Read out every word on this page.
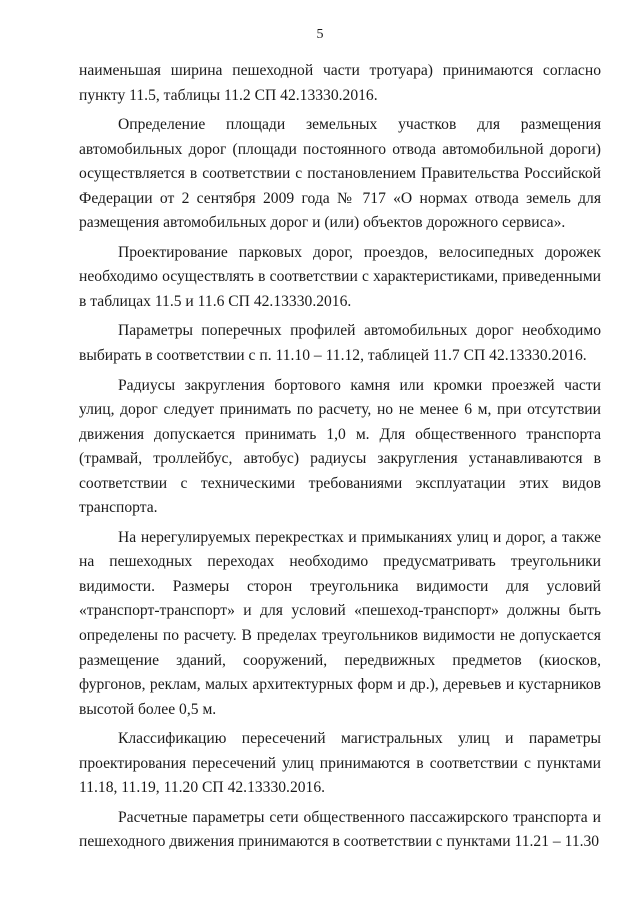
5

наименьшая ширина пешеходной части тротуара) принимаются согласно пункту 11.5, таблицы 11.2 СП 42.13330.2016.

Определение площади земельных участков для размещения автомобильных дорог (площади постоянного отвода автомобильной дороги) осуществляется в соответствии с постановлением Правительства Российской Федерации от 2 сентября 2009 года № 717 «О нормах отвода земель для размещения автомобильных дорог и (или) объектов дорожного сервиса».

Проектирование парковых дорог, проездов, велосипедных дорожек необходимо осуществлять в соответствии с характеристиками, приведенными в таблицах 11.5 и 11.6 СП 42.13330.2016.

Параметры поперечных профилей автомобильных дорог необходимо выбирать в соответствии с п. 11.10 – 11.12, таблицей 11.7 СП 42.13330.2016.

Радиусы закругления бортового камня или кромки проезжей части улиц, дорог следует принимать по расчету, но не менее 6 м, при отсутствии движения допускается принимать 1,0 м. Для общественного транспорта (трамвай, троллейбус, автобус) радиусы закругления устанавливаются в соответствии с техническими требованиями эксплуатации этих видов транспорта.

На нерегулируемых перекрестках и примыканиях улиц и дорог, а также на пешеходных переходах необходимо предусматривать треугольники видимости. Размеры сторон треугольника видимости для условий «транспорт-транспорт» и для условий «пешеход-транспорт» должны быть определены по расчету. В пределах треугольников видимости не допускается размещение зданий, сооружений, передвижных предметов (киосков, фургонов, реклам, малых архитектурных форм и др.), деревьев и кустарников высотой более 0,5 м.

Классификацию пересечений магистральных улиц и параметры проектирования пересечений улиц принимаются в соответствии с пунктами 11.18, 11.19, 11.20 СП 42.13330.2016.

Расчетные параметры сети общественного пассажирского транспорта и пешеходного движения принимаются в соответствии с пунктами 11.21 – 11.30
